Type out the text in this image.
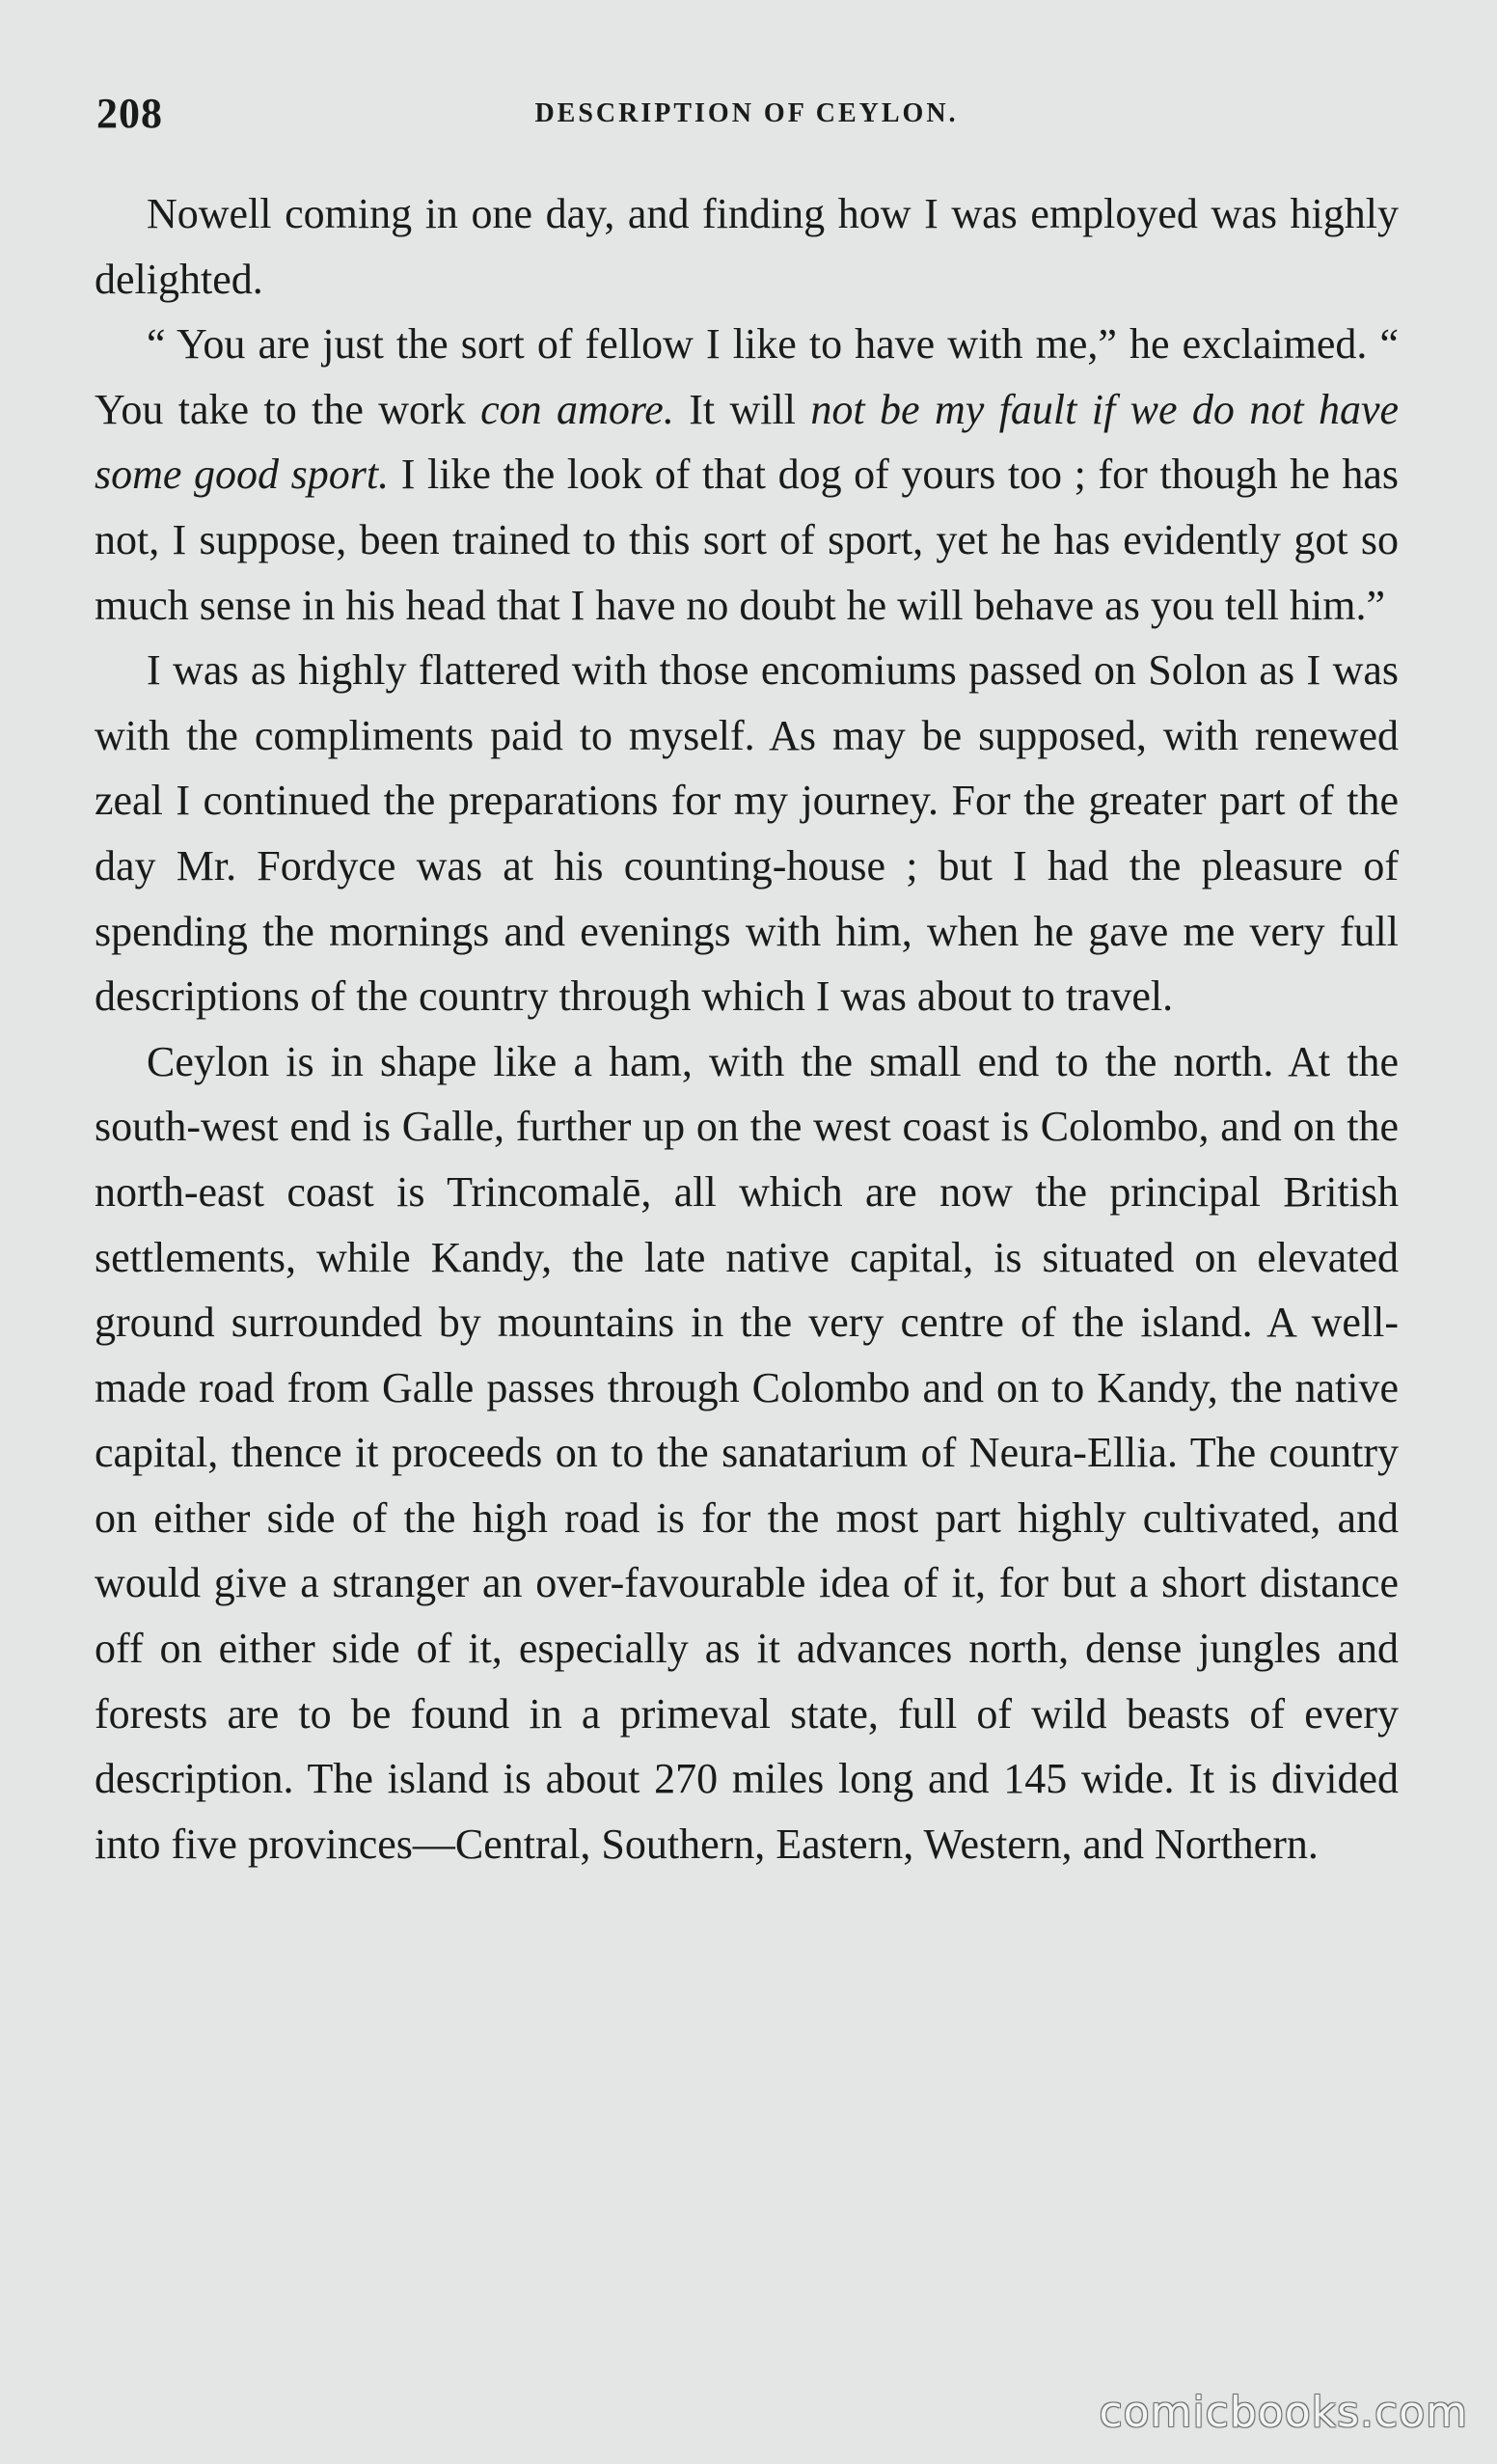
208	DESCRIPTION OF CEYLON.

Nowell coming in one day, and finding how I was employed was highly delighted.

“ You are just the sort of fellow I like to have with me,” he exclaimed. “ You take to the work con amore. It will not be my fault if we do not have some good sport. I like the look of that dog of yours too ; for though he has not, I suppose, been trained to this sort of sport, yet he has evidently got so much sense in his head that I have no doubt he will behave as you tell him.”

I was as highly flattered with those encomiums passed on Solon as I was with the compliments paid to myself. As may be supposed, with renewed zeal I continued the preparations for my journey. For the greater part of the day Mr. Fordyce was at his counting-house ; but I had the pleasure of spending the mornings and evenings with him, when he gave me very full descriptions of the country through which I was about to travel.

Ceylon is in shape like a ham, with the small end to the north. At the south-west end is Galle, further up on the west coast is Colombo, and on the north-east coast is Trincomalē, all which are now the principal British settlements, while Kandy, the late native capital, is situated on elevated ground surrounded by mountains in the very centre of the island. A well-made road from Galle passes through Colombo and on to Kandy, the native capital, thence it proceeds on to the sanatarium of Neura-Ellia. The country on either side of the high road is for the most part highly cultivated, and would give a stranger an over-favourable idea of it, for but a short distance off on either side of it, especially as it advances north, dense jungles and forests are to be found in a primeval state, full of wild beasts of every description. The island is about 270 miles long and 145 wide. It is divided into five provinces—Central, Southern, Eastern, Western, and Northern.

comicbooks.com
